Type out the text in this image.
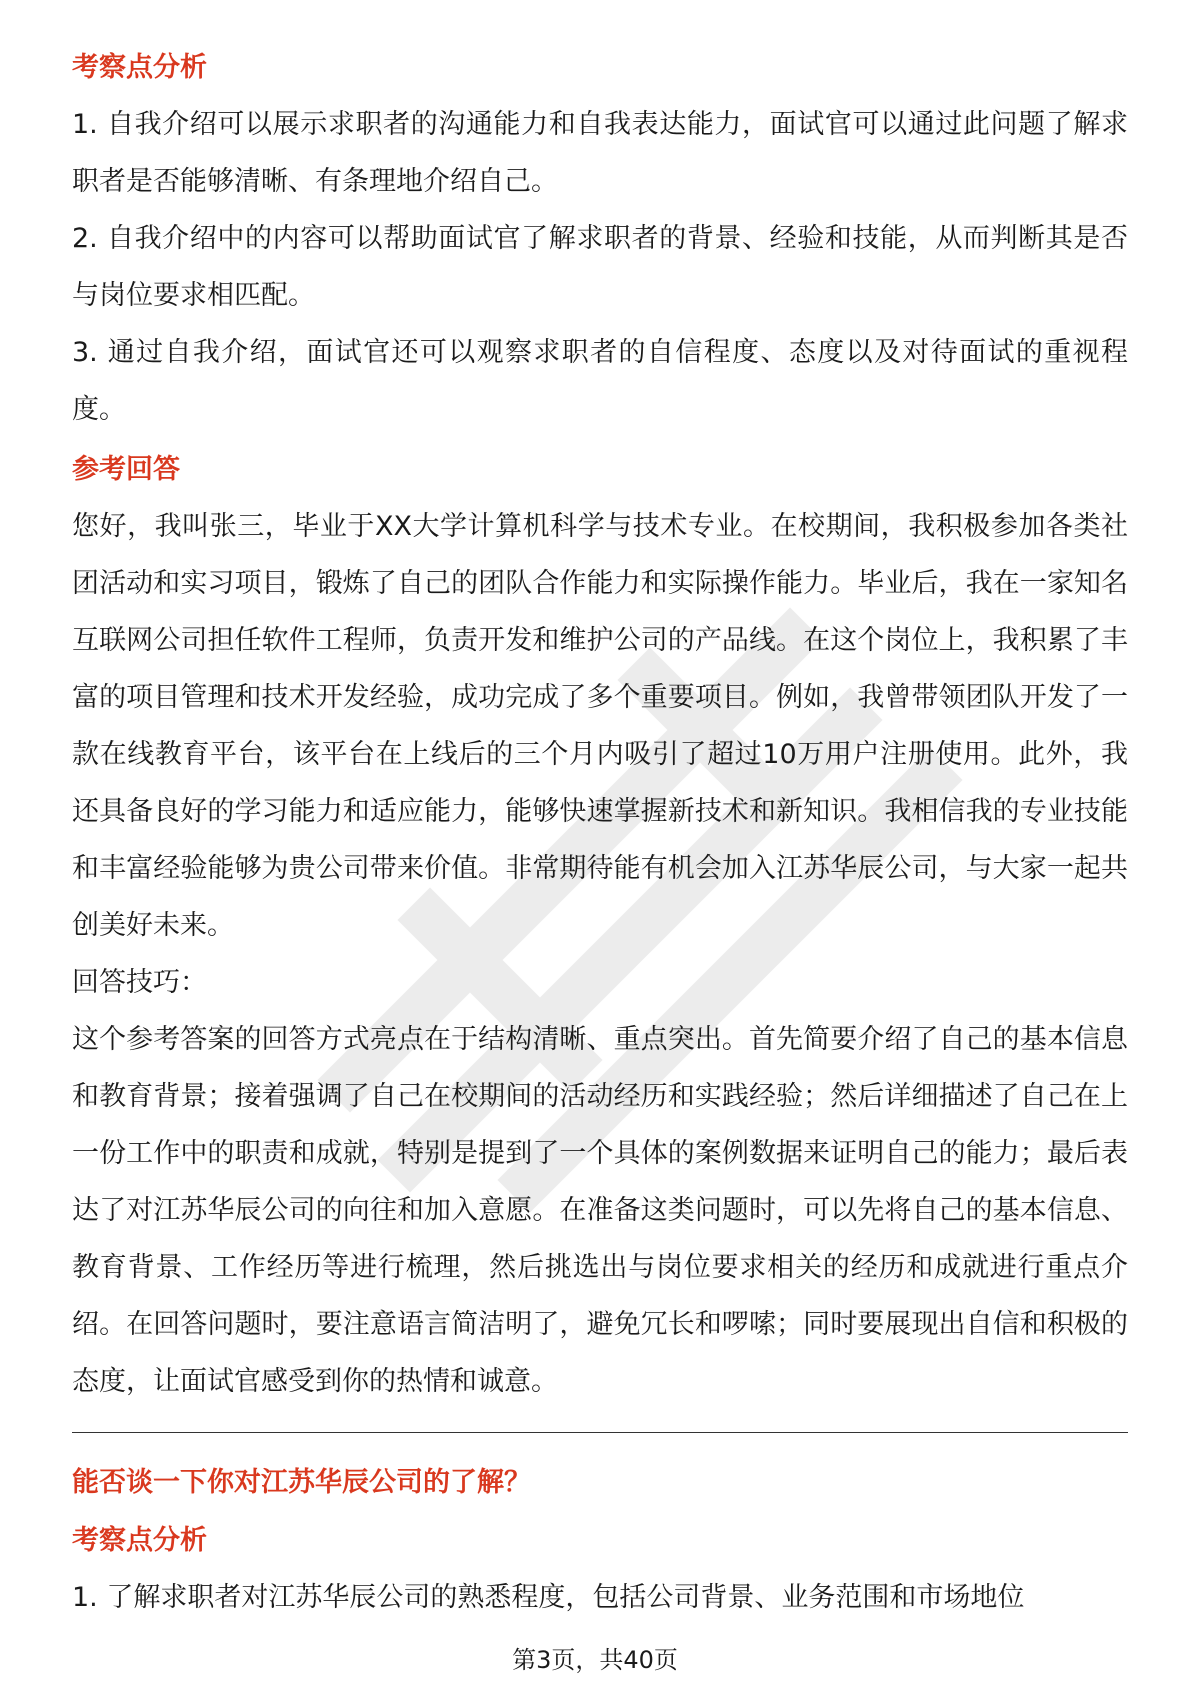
考察点分析

1. 自我介绍可以展示求职者的沟通能力和自我表达能力，面试官可以通过此问题了解求职者是否能够清晰、有条理地介绍自己。

2. 自我介绍中的内容可以帮助面试官了解求职者的背景、经验和技能，从而判断其是否与岗位要求相匹配。

3. 通过自我介绍，面试官还可以观察求职者的自信程度、态度以及对待面试的重视程度。

参考回答

您好，我叫张三，毕业于XX大学计算机科学与技术专业。在校期间，我积极参加各类社团活动和实习项目，锻炼了自己的团队合作能力和实际操作能力。毕业后，我在一家知名互联网公司担任软件工程师，负责开发和维护公司的产品线。在这个岗位上，我积累了丰富的项目管理和技术开发经验，成功完成了多个重要项目。例如，我曾带领团队开发了一款在线教育平台，该平台在上线后的三个月内吸引了超过10万用户注册使用。此外，我还具备良好的学习能力和适应能力，能够快速掌握新技术和新知识。我相信我的专业技能和丰富经验能够为贵公司带来价值。非常期待能有机会加入江苏华辰公司，与大家一起共创美好未来。

回答技巧：

这个参考答案的回答方式亮点在于结构清晰、重点突出。首先简要介绍了自己的基本信息和教育背景；接着强调了自己在校期间的活动经历和实践经验；然后详细描述了自己在上一份工作中的职责和成就，特别是提到了一个具体的案例数据来证明自己的能力；最后表达了对江苏华辰公司的向往和加入意愿。在准备这类问题时，可以先将自己的基本信息、教育背景、工作经历等进行梳理，然后挑选出与岗位要求相关的经历和成就进行重点介绍。在回答问题时，要注意语言简洁明了，避免冗长和啰嗦；同时要展现出自信和积极的态度，让面试官感受到你的热情和诚意。

能否谈一下你对江苏华辰公司的了解？

考察点分析

1. 了解求职者对江苏华辰公司的熟悉程度，包括公司背景、业务范围和市场地位

第3页，共40页
